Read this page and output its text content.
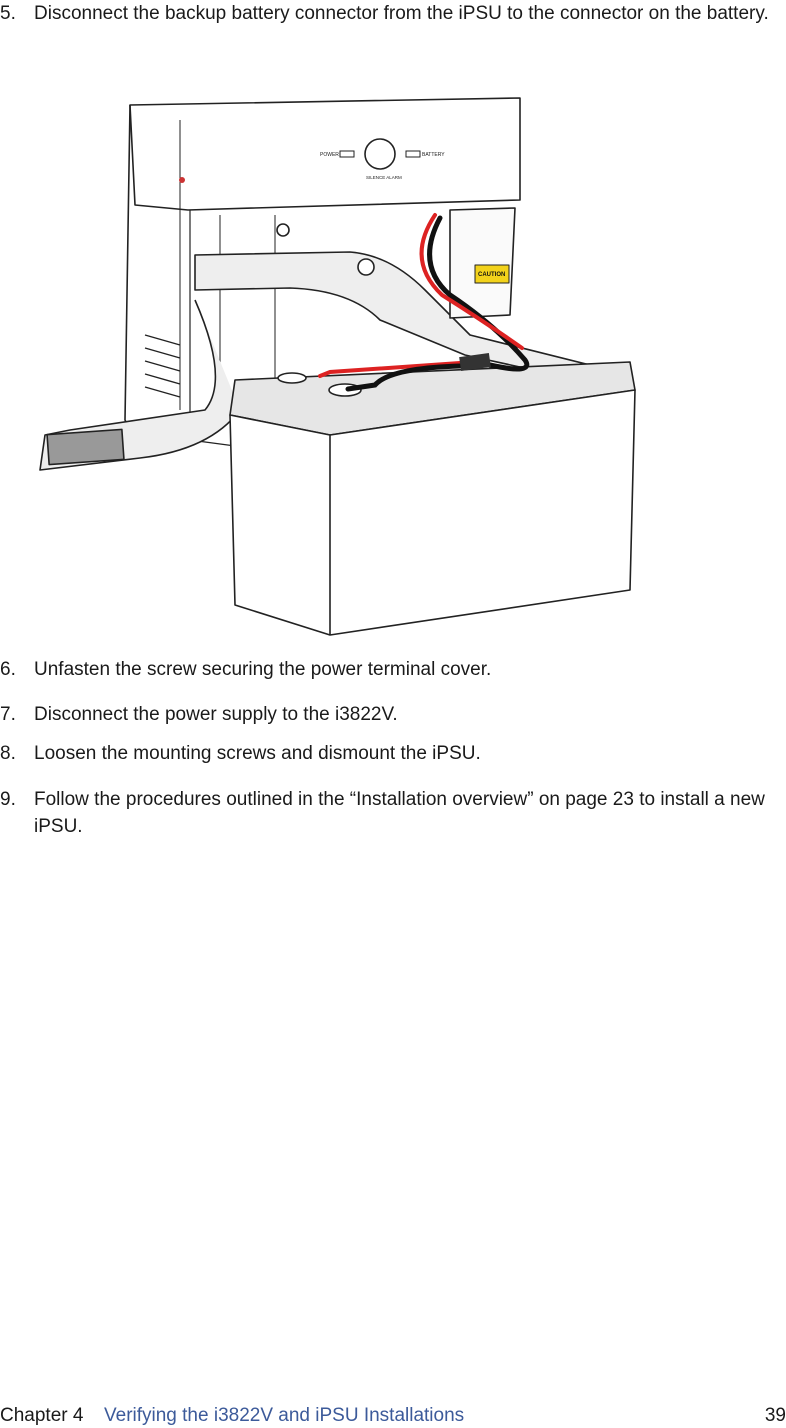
5. Disconnect the backup battery connector from the iPSU to the connector on the battery.
POWER	BATTERY
SILENCE ALARM
CAUTION
6. Unfasten the screw securing the power terminal cover.
7. Disconnect the power supply to the i3822V.
8. Loosen the mounting screws and dismount the iPSU.
9. Follow the procedures outlined in the “Installation overview” on page 23 to install a new iPSU.
Chapter 4 Verifying the i3822V and iPSU Installations	39
